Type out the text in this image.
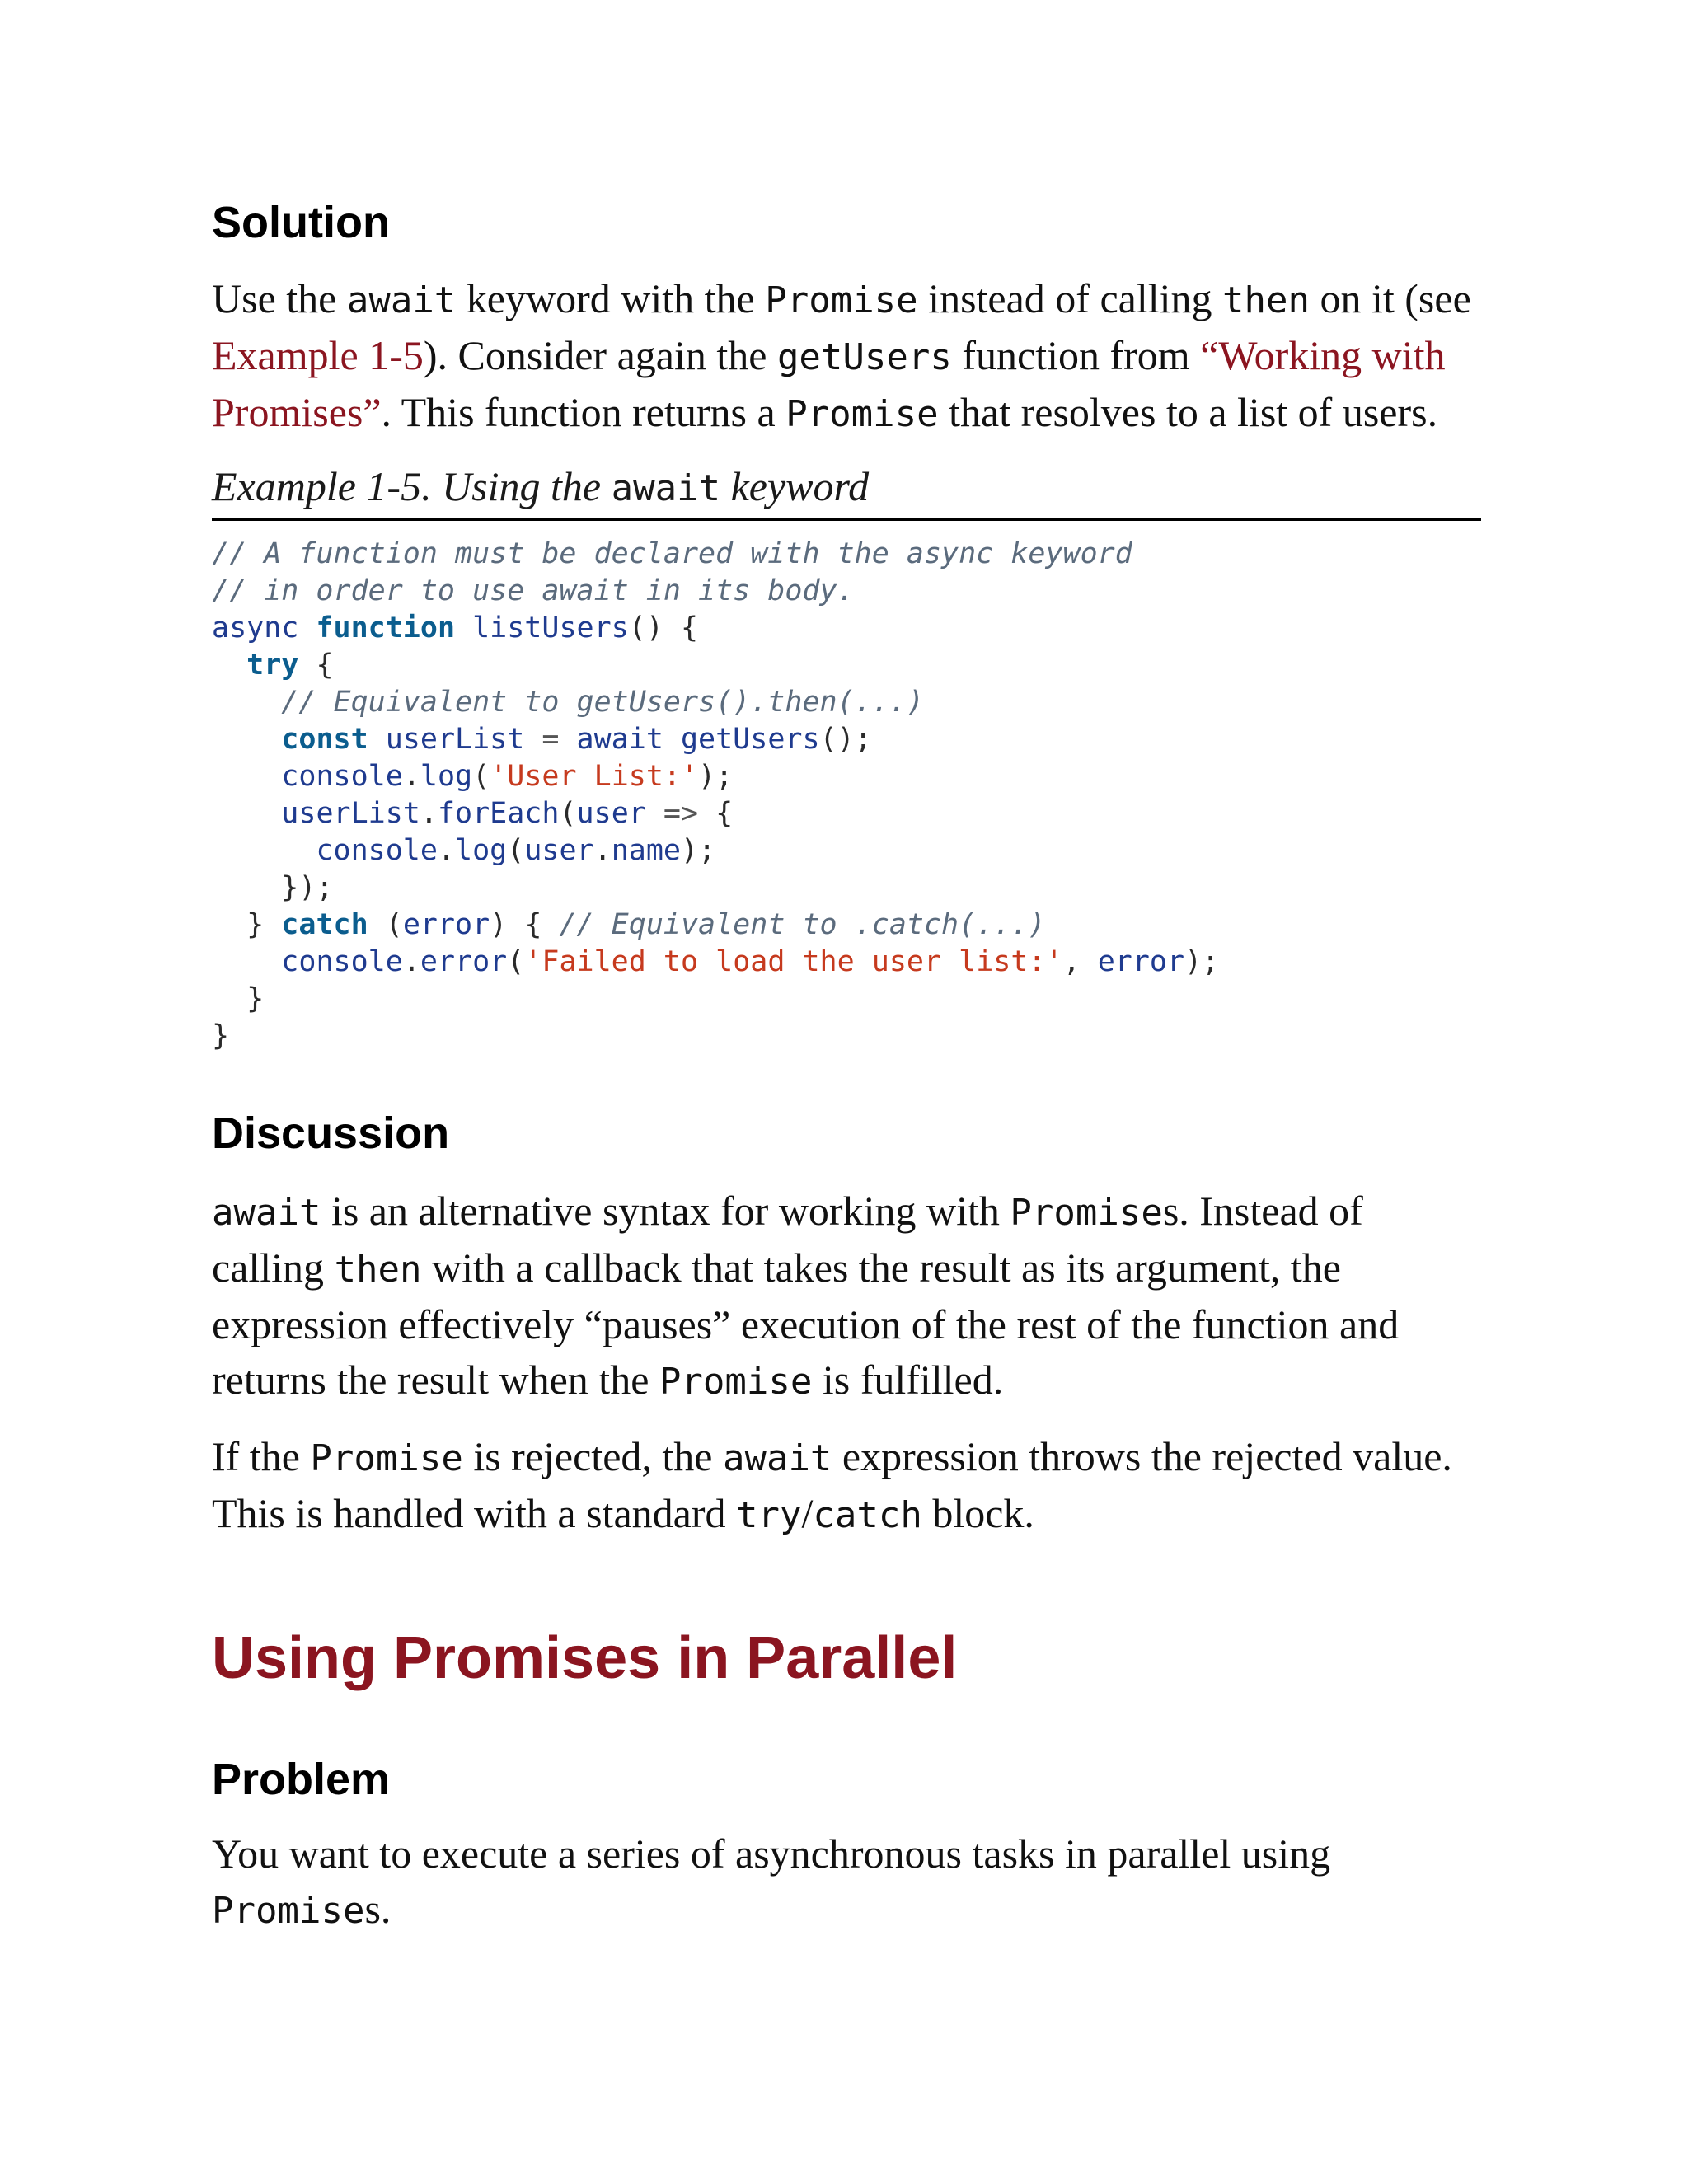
Solution

Use the await keyword with the Promise instead of calling then on it (see
Example 1-5). Consider again the getUsers function from “Working with
Promises”. This function returns a Promise that resolves to a list of users.

Example 1-5. Using the await keyword
// A function must be declared with the async keyword
// in order to use await in its body.
async function listUsers() {
try {
// Equivalent to getUsers().then(...)
const userList = await getUsers();
console.log('User List:');
userList.forEach(user => {
console.log(user.name);
});
} catch (error) { // Equivalent to .catch(...)
console.error('Failed to load the user list:', error);
}
}
Discussion

await is an alternative syntax for working with Promises. Instead of
calling then with a callback that takes the result as its argument, the
expression effectively “pauses” execution of the rest of the function and
returns the result when the Promise is fulfilled.

If the Promise is rejected, the await expression throws the rejected value.
This is handled with a standard try/catch block.

Using Promises in Parallel
Problem

You want to execute a series of asynchronous tasks in parallel using
Promises.
